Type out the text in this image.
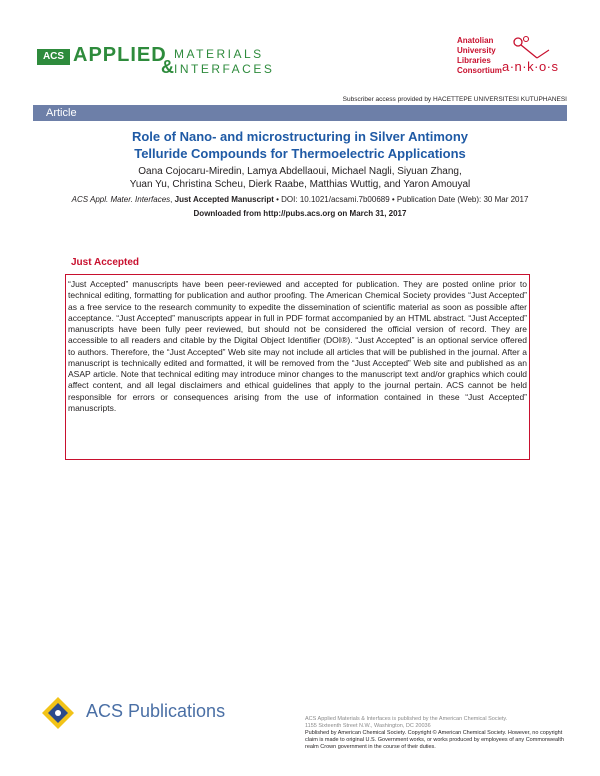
ACS APPLIED MATERIALS
& INTERFACES
Anatolian
University
Libraries
Consortium a·n·k·o·s
Subscriber access provided by HACETTEPE UNIVERSITESI KUTUPHANESI
Article
Role of Nano- and microstructuring in Silver Antimony
Telluride Compounds for Thermoelectric Applications
Oana Cojocaru-Miredin, Lamya Abdellaoui, Michael Nagli, Siyuan Zhang,
Yuan Yu, Christina Scheu, Dierk Raabe, Matthias Wuttig, and Yaron Amouyal
ACS Appl. Mater. Interfaces, Just Accepted Manuscript • DOI: 10.1021/acsami.7b00689 • Publication Date (Web): 30 Mar 2017
Downloaded from http://pubs.acs.org on March 31, 2017
Just Accepted
“Just Accepted” manuscripts have been peer-reviewed and accepted for publication. They are posted online prior to technical editing, formatting for publication and author proofing. The American Chemical Society provides “Just Accepted” as a free service to the research community to expedite the dissemination of scientific material as soon as possible after acceptance. “Just Accepted” manuscripts appear in full in PDF format accompanied by an HTML abstract. “Just Accepted” manuscripts have been fully peer reviewed, but should not be considered the official version of record. They are accessible to all readers and citable by the Digital Object Identifier (DOI®). “Just Accepted” is an optional service offered to authors. Therefore, the “Just Accepted” Web site may not include all articles that will be published in the journal. After a manuscript is technically edited and formatted, it will be removed from the “Just Accepted” Web site and published as an ASAP article. Note that technical editing may introduce minor changes to the manuscript text and/or graphics which could affect content, and all legal disclaimers and ethical guidelines that apply to the journal pertain. ACS cannot be held responsible for errors or consequences arising from the use of information contained in these “Just Accepted” manuscripts.
ACS Publications	ACS Applied Materials & Interfaces is published by the American Chemical Society.
1155 Sixteenth Street N.W., Washington, DC 20036
Published by American Chemical Society. Copyright © American Chemical Society. However, no copyright claim is made to original U.S. Government works, or works produced by employees of any Commonwealth realm Crown government in the course of their duties.
